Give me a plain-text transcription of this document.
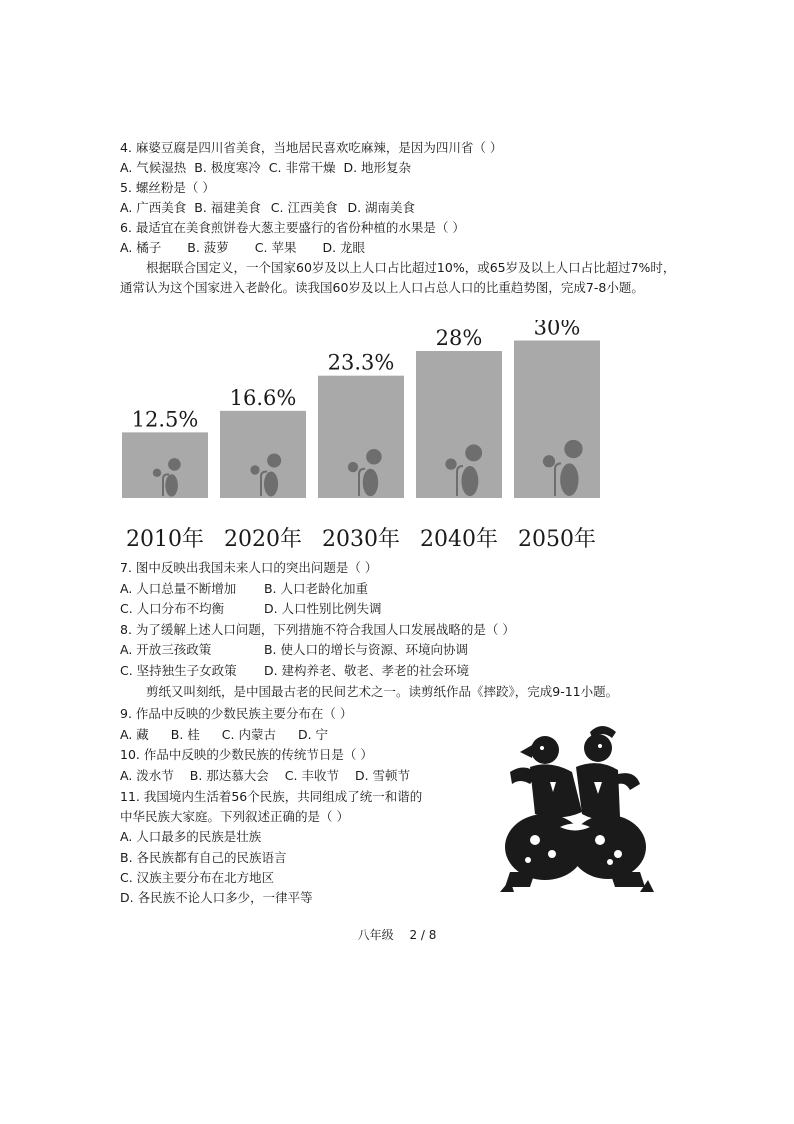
4. 麻婆豆腐是四川省美食，当地居民喜欢吃麻辣，是因为四川省（ ）
A. 气候湿热 B. 极度寒冷 C. 非常干燥 D. 地形复杂
5. 螺丝粉是（ ）
A. 广西美食 B. 福建美食 C. 江西美食 D. 湖南美食
6. 最适宜在美食煎饼卷大葱主要盛行的省份种植的水果是（ ）
A. 橘子 B. 菠萝 C. 苹果 D. 龙眼
根据联合国定义，一个国家60岁及以上人口占比超过10%，或65岁及以上人口占比超过7%时，通常认为这个国家进入老龄化。读我国60岁及以上人口占总人口的比重趋势图，完成7-8小题。
12.5%
2010年
16.6%
2020年
23.3%
2030年
28%
2040年
30%
2050年
7. 图中反映出我国未来人口的突出问题是（ ）
A. 人口总量不断增加 B. 人口老龄化加重
C. 人口分布不均衡	D. 人口性别比例失调
8. 为了缓解上述人口问题，下列措施不符合我国人口发展战略的是（ ）
A. 开放三孩政策	B. 使人口的增长与资源、环境向协调
C. 坚持独生子女政策 D. 建构养老、敬老、孝老的社会环境
剪纸又叫刻纸，是中国最古老的民间艺术之一。读剪纸作品《摔跤》，完成9-11小题。
9. 作品中反映的少数民族主要分布在（ ）
A. 藏 B. 桂 C. 内蒙古 D. 宁
10. 作品中反映的少数民族的传统节日是（ ）
A. 泼水节 B. 那达慕大会 C. 丰收节 D. 雪顿节
11. 我国境内生活着56个民族，共同组成了统一和谐的
中华民族大家庭。下列叙述正确的是（ ）
A. 人口最多的民族是壮族
B. 各民族都有自己的民族语言
C. 汉族主要分布在北方地区
D. 各民族不论人口多少，一律平等
八年级 2 / 8
